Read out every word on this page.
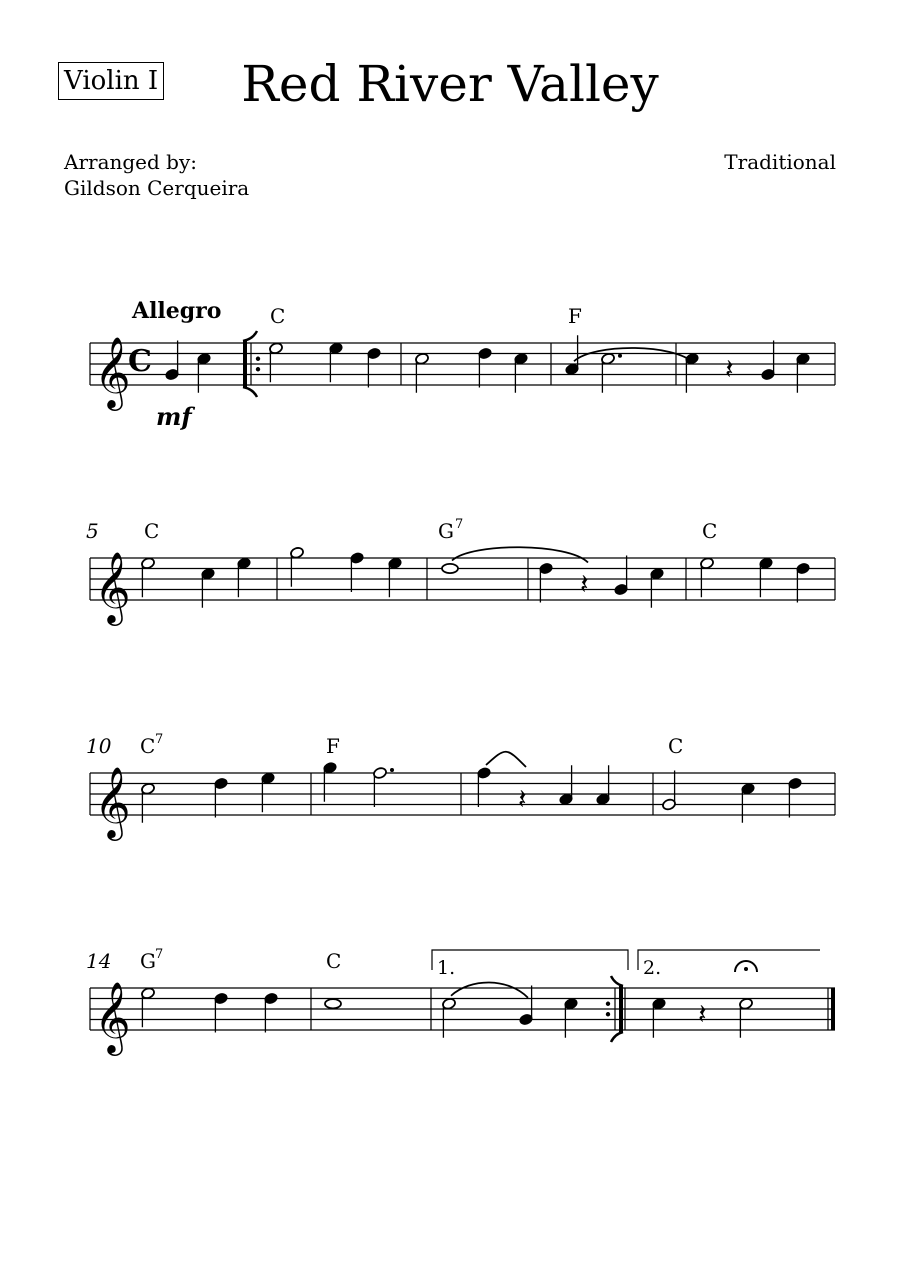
Violin I	Red River Valley
Arranged by:
Gildson Cerqueira
Traditional
𝄞
C
𝄞
𝄞
𝄞
Allegro
mf
C	F
5 C	G 7	C
10 C 7	F	C
14 G 7	C	1.	2.
𝄽
𝄽
𝄽
𝄽
